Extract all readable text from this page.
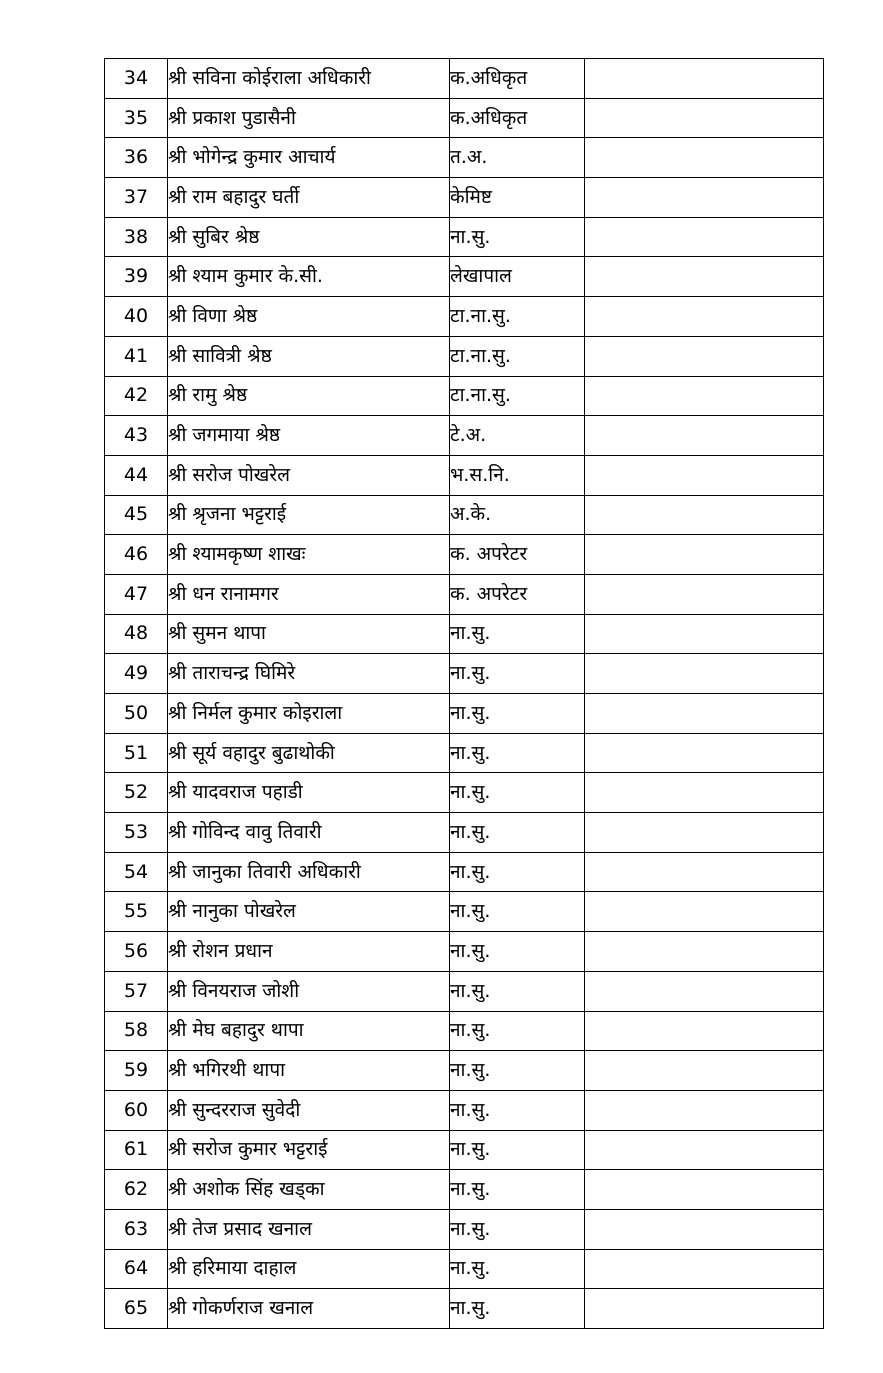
34	श्री सविना कोईराला अधिकारी	क.अधिकृत	
35	श्री प्रकाश पुडासैनी	क.अधिकृत	
36	श्री भोगेन्द्र कुमार आचार्य	त.अ.	
37	श्री राम बहादुर घर्ती	केमिष्ट	
38	श्री सुबिर श्रेष्ठ	ना.सु.	
39	श्री श्याम कुमार के.सी.	लेखापाल	
40	श्री विणा श्रेष्ठ	टा.ना.सु.	
41	श्री सावित्री श्रेष्ठ	टा.ना.सु.	
42	श्री रामु श्रेष्ठ	टा.ना.सु.	
43	श्री जगमाया श्रेष्ठ	टे.अ.	
44	श्री सरोज पोखरेल	भ.स.नि.	
45	श्री श्रृजना भट्टराई	अ.के.	
46	श्री श्यामकृष्ण शाखः	क. अपरेटर	
47	श्री धन रानामगर	क. अपरेटर	
48	श्री सुमन थापा	ना.सु.	
49	श्री ताराचन्द्र घिमिरे	ना.सु.	
50	श्री निर्मल कुमार कोइराला	ना.सु.	
51	श्री सूर्य वहादुर बुढाथोकी	ना.सु.	
52	श्री यादवराज पहाडी	ना.सु.	
53	श्री गोविन्द वावु तिवारी	ना.सु.	
54	श्री जानुका तिवारी अधिकारी	ना.सु.	
55	श्री नानुका पोखरेल	ना.सु.	
56	श्री रोशन प्रधान	ना.सु.	
57	श्री विनयराज जोशी	ना.सु.	
58	श्री मेघ बहादुर थापा	ना.सु.	
59	श्री भगिरथी थापा	ना.सु.	
60	श्री सुन्दरराज सुवेदी	ना.सु.	
61	श्री सरोज कुमार भट्टराई	ना.सु.	
62	श्री अशोक सिंह खड्का	ना.सु.	
63	श्री तेज प्रसाद खनाल	ना.सु.	
64	श्री हरिमाया दाहाल	ना.सु.	
65	श्री गोकर्णराज खनाल	ना.सु.	
